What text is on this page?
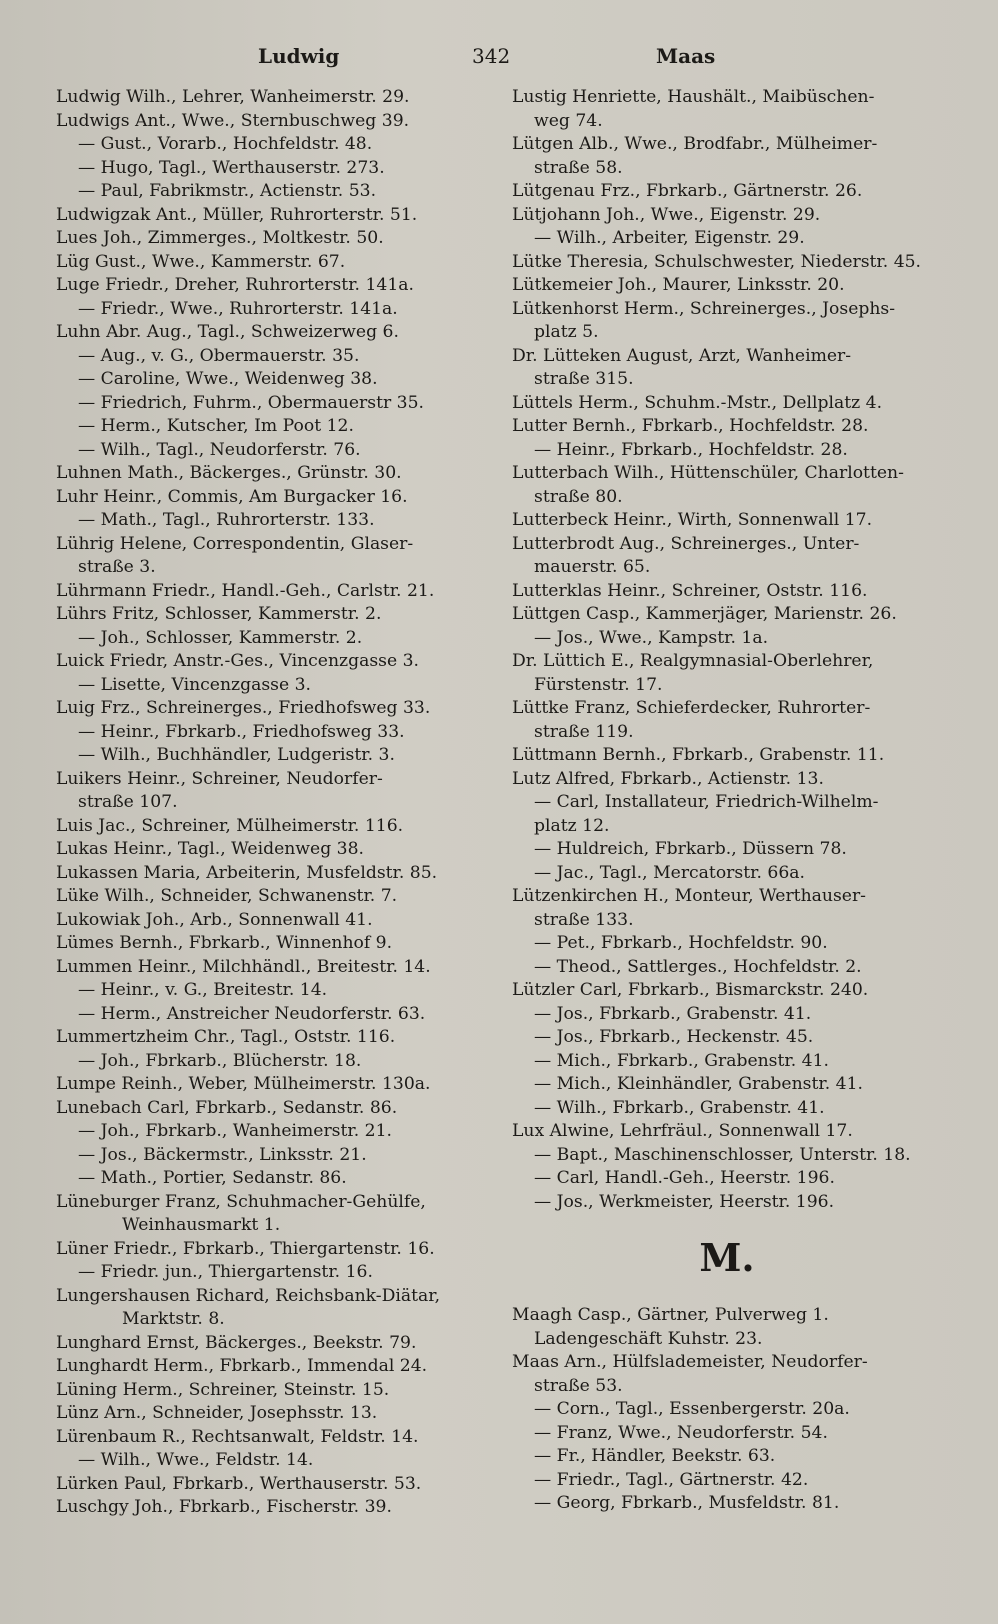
Ludwig	342	Maas
Ludwig Wilh., Lehrer, Wanheimerstr. 29.
Ludwigs Ant., Wwe., Sternbuschweg 39.
— Gust., Vorarb., Hochfeldstr. 48.
— Hugo, Tagl., Werthauserstr. 273.
— Paul, Fabrikmstr., Actienstr. 53.
Ludwigzak Ant., Müller, Ruhrorterstr. 51.
Lues Joh., Zimmerges., Moltkestr. 50.
Lüg Gust., Wwe., Kammerstr. 67.
Luge Friedr., Dreher, Ruhrorterstr. 141a.
— Friedr., Wwe., Ruhrorterstr. 141a.
Luhn Abr. Aug., Tagl., Schweizerweg 6.
— Aug., v. G., Obermauerstr. 35.
— Caroline, Wwe., Weidenweg 38.
— Friedrich, Fuhrm., Obermauerstr 35.
— Herm., Kutscher, Im Poot 12.
— Wilh., Tagl., Neudorferstr. 76.
Luhnen Math., Bäckerges., Grünstr. 30.
Luhr Heinr., Commis, Am Burgacker 16.
— Math., Tagl., Ruhrorterstr. 133.
Lührig Helene, Correspondentin, Glaser-
straße 3.
Lührmann Friedr., Handl.-Geh., Carlstr. 21.
Lührs Fritz, Schlosser, Kammerstr. 2.
— Joh., Schlosser, Kammerstr. 2.
Luick Friedr, Anstr.-Ges., Vincenzgasse 3.
— Lisette, Vincenzgasse 3.
Luig Frz., Schreinerges., Friedhofsweg 33.
— Heinr., Fbrkarb., Friedhofsweg 33.
— Wilh., Buchhändler, Ludgeristr. 3.
Luikers Heinr., Schreiner, Neudorfer-
straße 107.
Luis Jac., Schreiner, Mülheimerstr. 116.
Lukas Heinr., Tagl., Weidenweg 38.
Lukassen Maria, Arbeiterin, Musfeldstr. 85.
Lüke Wilh., Schneider, Schwanenstr. 7.
Lukowiak Joh., Arb., Sonnenwall 41.
Lümes Bernh., Fbrkarb., Winnenhof 9.
Lummen Heinr., Milchhändl., Breitestr. 14.
— Heinr., v. G., Breitestr. 14.
— Herm., Anstreicher Neudorferstr. 63.
Lummertzheim Chr., Tagl., Oststr. 116.
— Joh., Fbrkarb., Blücherstr. 18.
Lumpe Reinh., Weber, Mülheimerstr. 130a.
Lunebach Carl, Fbrkarb., Sedanstr. 86.
— Joh., Fbrkarb., Wanheimerstr. 21.
— Jos., Bäckermstr., Linksstr. 21.
— Math., Portier, Sedanstr. 86.
Lüneburger Franz, Schuhmacher-Gehülfe,
Weinhausmarkt 1.
Lüner Friedr., Fbrkarb., Thiergartenstr. 16.
— Friedr. jun., Thiergartenstr. 16.
Lungershausen Richard, Reichsbank-Diätar,
Marktstr. 8.
Lunghard Ernst, Bäckerges., Beekstr. 79.
Lunghardt Herm., Fbrkarb., Immendal 24.
Lüning Herm., Schreiner, Steinstr. 15.
Lünz Arn., Schneider, Josephsstr. 13.
Lürenbaum R., Rechtsanwalt, Feldstr. 14.
— Wilh., Wwe., Feldstr. 14.
Lürken Paul, Fbrkarb., Werthauserstr. 53.
Luschgy Joh., Fbrkarb., Fischerstr. 39.
Lustig Henriette, Haushält., Maibüschen-
weg 74.
Lütgen Alb., Wwe., Brodfabr., Mülheimer-
straße 58.
Lütgenau Frz., Fbrkarb., Gärtnerstr. 26.
Lütjohann Joh., Wwe., Eigenstr. 29.
— Wilh., Arbeiter, Eigenstr. 29.
Lütke Theresia, Schulschwester, Niederstr. 45.
Lütkemeier Joh., Maurer, Linksstr. 20.
Lütkenhorst Herm., Schreinerges., Josephs-
platz 5.
Dr. Lütteken August, Arzt, Wanheimer-
straße 315.
Lüttels Herm., Schuhm.-Mstr., Dellplatz 4.
Lutter Bernh., Fbrkarb., Hochfeldstr. 28.
— Heinr., Fbrkarb., Hochfeldstr. 28.
Lutterbach Wilh., Hüttenschüler, Charlotten-
straße 80.
Lutterbeck Heinr., Wirth, Sonnenwall 17.
Lutterbrodt Aug., Schreinerges., Unter-
mauerstr. 65.
Lutterklas Heinr., Schreiner, Oststr. 116.
Lüttgen Casp., Kammerjäger, Marienstr. 26.
— Jos., Wwe., Kampstr. 1a.
Dr. Lüttich E., Realgymnasial-Oberlehrer,
Fürstenstr. 17.
Lüttke Franz, Schieferdecker, Ruhrorter-
straße 119.
Lüttmann Bernh., Fbrkarb., Grabenstr. 11.
Lutz Alfred, Fbrkarb., Actienstr. 13.
— Carl, Installateur, Friedrich-Wilhelm-
platz 12.
— Huldreich, Fbrkarb., Düssern 78.
— Jac., Tagl., Mercatorstr. 66a.
Lützenkirchen H., Monteur, Werthauser-
straße 133.
— Pet., Fbrkarb., Hochfeldstr. 90.
— Theod., Sattlerges., Hochfeldstr. 2.
Lützler Carl, Fbrkarb., Bismarckstr. 240.
— Jos., Fbrkarb., Grabenstr. 41.
— Jos., Fbrkarb., Heckenstr. 45.
— Mich., Fbrkarb., Grabenstr. 41.
— Mich., Kleinhändler, Grabenstr. 41.
— Wilh., Fbrkarb., Grabenstr. 41.
Lux Alwine, Lehrfräul., Sonnenwall 17.
— Bapt., Maschinenschlosser, Unterstr. 18.
— Carl, Handl.-Geh., Heerstr. 196.
— Jos., Werkmeister, Heerstr. 196.
M.
Maagh Casp., Gärtner, Pulverweg 1.
Ladengeschäft Kuhstr. 23.
Maas Arn., Hülfslademeister, Neudorfer-
straße 53.
— Corn., Tagl., Essenbergerstr. 20a.
— Franz, Wwe., Neudorferstr. 54.
— Fr., Händler, Beekstr. 63.
— Friedr., Tagl., Gärtnerstr. 42.
— Georg, Fbrkarb., Musfeldstr. 81.
